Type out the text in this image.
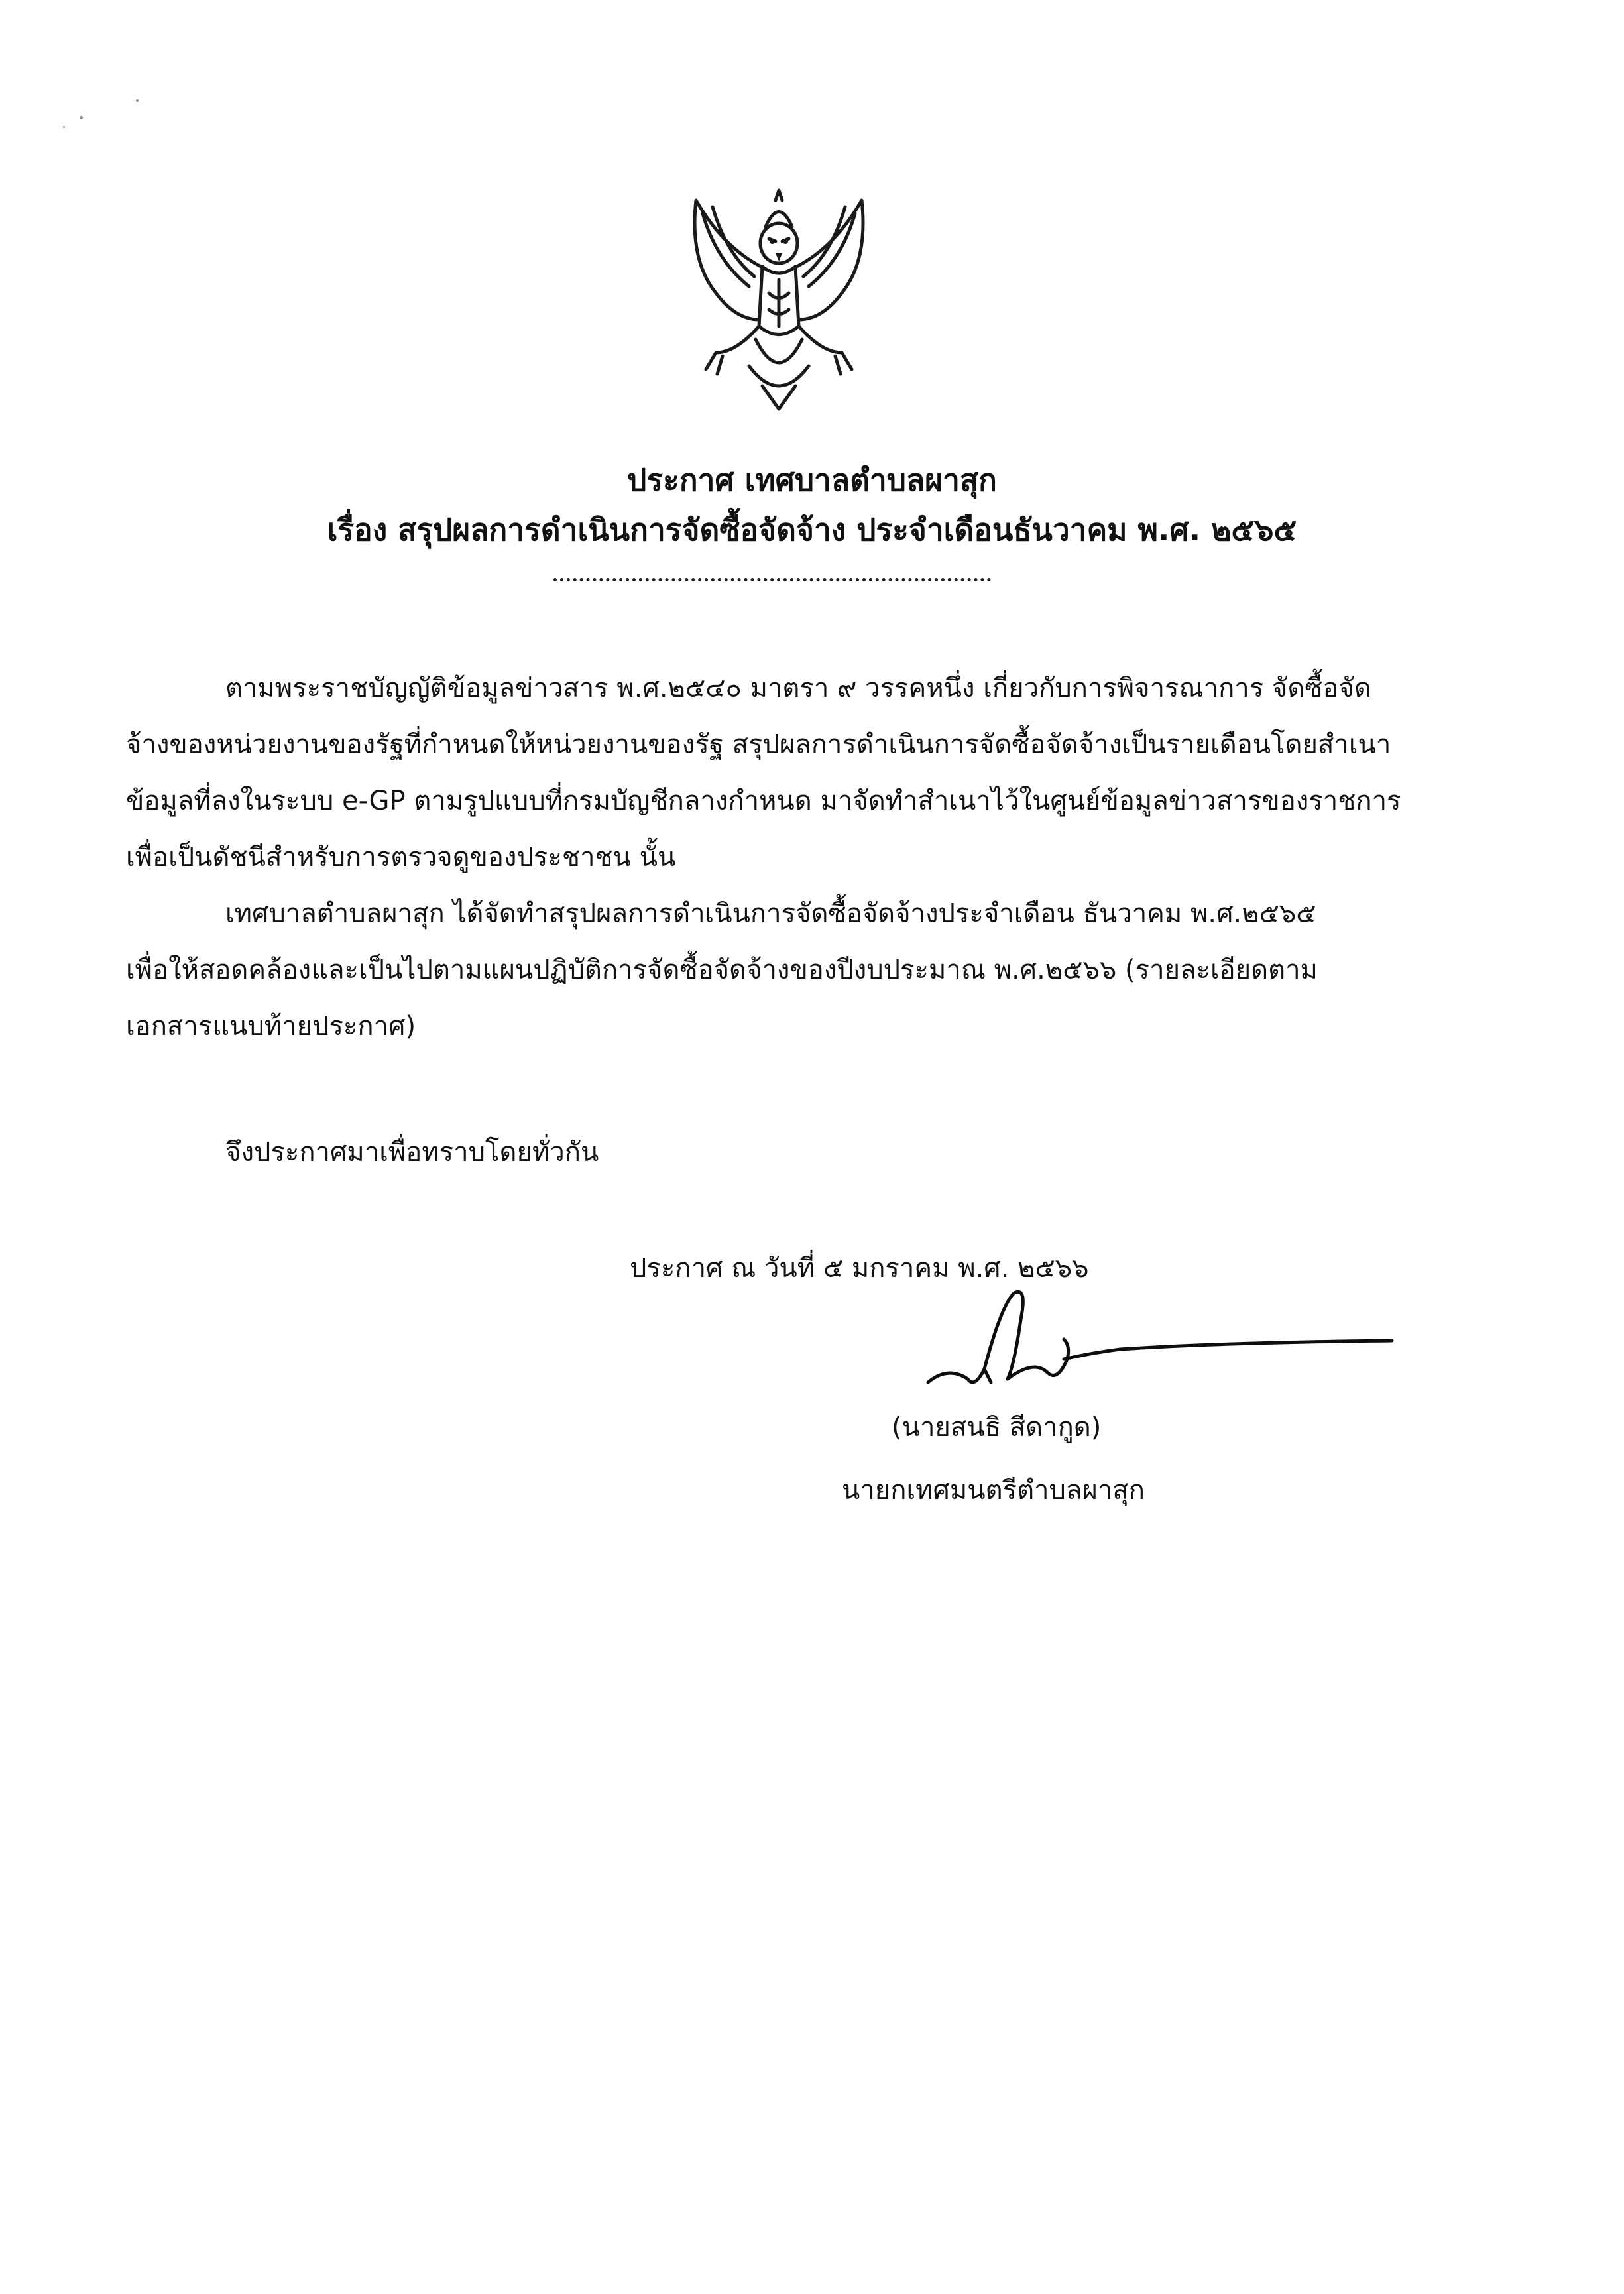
ประกาศ เทศบาลตำบลผาสุก
เรื่อง สรุปผลการดำเนินการจัดซื้อจัดจ้าง ประจำเดือนธันวาคม พ.ศ. ๒๕๖๕
ตามพระราชบัญญัติข้อมูลข่าวสาร พ.ศ.๒๕๔๐ มาตรา ๙ วรรคหนึ่ง เกี่ยวกับการพิจารณาการ จัดซื้อจัด
จ้างของหน่วยงานของรัฐที่กำหนดให้หน่วยงานของรัฐ สรุปผลการดำเนินการจัดซื้อจัดจ้างเป็นรายเดือนโดยสำเนา
ข้อมูลที่ลงในระบบ e-GP ตามรูปแบบที่กรมบัญชีกลางกำหนด มาจัดทำสำเนาไว้ในศูนย์ข้อมูลข่าวสารของราชการ
เพื่อเป็นดัชนีสำหรับการตรวจดูของประชาชน นั้น
เทศบาลตำบลผาสุก ได้จัดทำสรุปผลการดำเนินการจัดซื้อจัดจ้างประจำเดือน ธันวาคม พ.ศ.๒๕๖๕
เพื่อให้สอดคล้องและเป็นไปตามแผนปฏิบัติการจัดซื้อจัดจ้างของปีงบประมาณ พ.ศ.๒๕๖๖ (รายละเอียดตาม
เอกสารแนบท้ายประกาศ)
จึงประกาศมาเพื่อทราบโดยทั่วกัน
ประกาศ ณ วันที่ ๕ มกราคม พ.ศ. ๒๕๖๖
(นายสนธิ สีดากูด)
นายกเทศมนตรีตำบลผาสุก
